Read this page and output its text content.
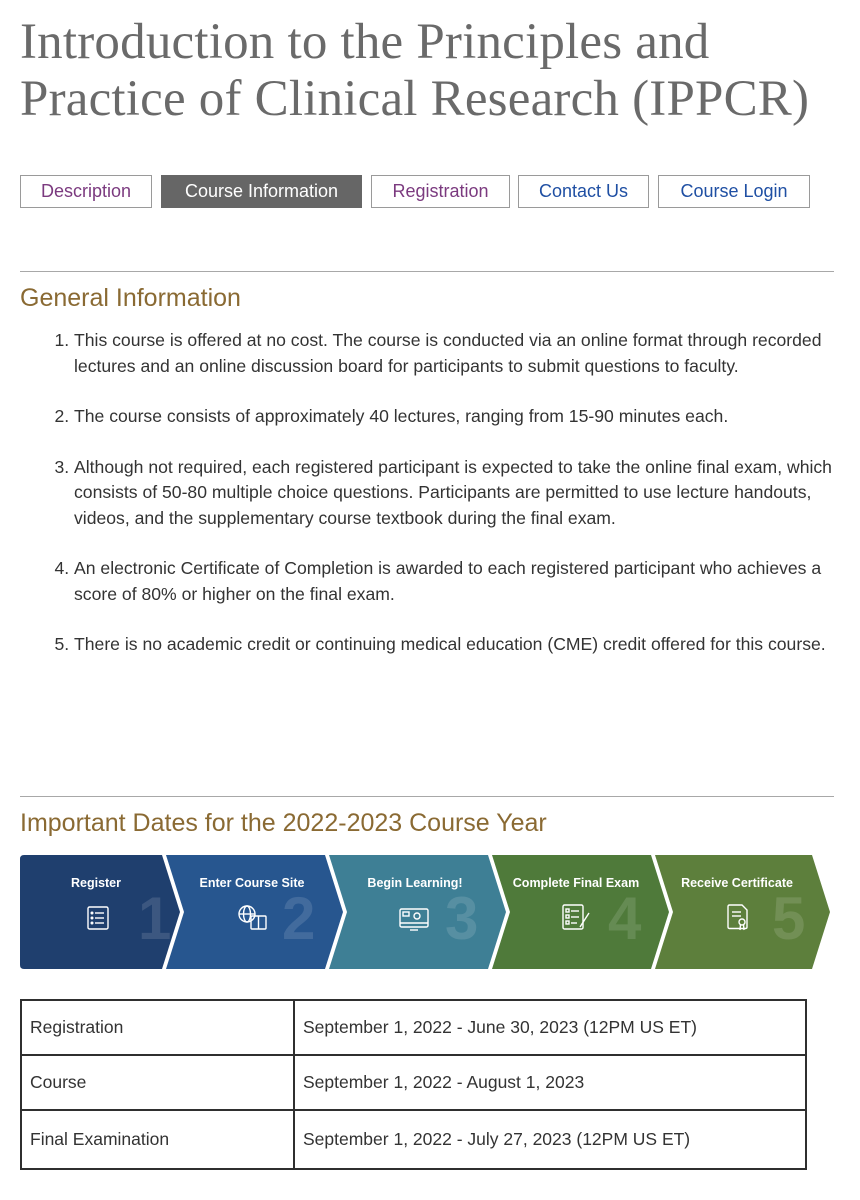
Introduction to the Principles and Practice of Clinical Research (IPPCR)
Description	Course Information	Registration	Contact Us	Course Login
General Information
1. This course is offered at no cost. The course is conducted via an online format through recorded lectures and an online discussion board for participants to submit questions to faculty.
2. The course consists of approximately 40 lectures, ranging from 15-90 minutes each.
3. Although not required, each registered participant is expected to take the online final exam, which consists of 50-80 multiple choice questions. Participants are permitted to use lecture handouts, videos, and the supplementary course textbook during the final exam.
4. An electronic Certificate of Completion is awarded to each registered participant who achieves a score of 80% or higher on the final exam.
5. There is no academic credit or continuing medical education (CME) credit offered for this course.
Important Dates for the 2022-2023 Course Year
1
Register
2
Enter Course Site
3
Begin Learning!
4
Complete Final Exam
5
Receive Certificate
Registration	September 1, 2022 - June 30, 2023 (12PM US ET)
Course	September 1, 2022 - August 1, 2023
Final Examination	September 1, 2022 - July 27, 2023 (12PM US ET)
